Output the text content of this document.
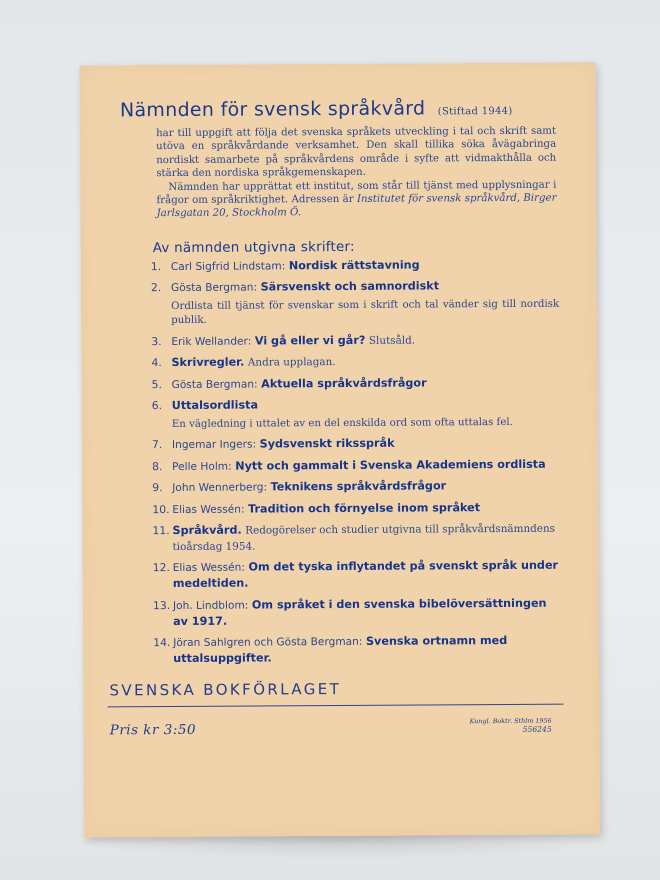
Nämnden för svensk språkvård (Stiftad 1944)

har till uppgift att följa det svenska språkets utveckling i tal och skrift samt utöva en språkvårdande verksamhet. Den skall tillika söka åvägabringa nordiskt samarbete på språkvårdens område i syfte att vidmakthålla och stärka den nordiska språkgemenskapen.

Nämnden har upprättat ett institut, som står till tjänst med upplysningar i frågor om språkriktighet. Adressen är Institutet för svensk språkvård, Birger Jarlsgatan 20, Stockholm Ö.

Av nämnden utgivna skrifter:
1. Carl Sigfrid Lindstam: Nordisk rättstavning
2. Gösta Bergman: Särsvenskt och samnordiskt
Ordlista till tjänst för svenskar som i skrift och tal vänder sig till nordisk publik.
3. Erik Wellander: Vi gå eller vi går? Slutsåld.
4. Skrivregler. Andra upplagan.
5. Gösta Bergman: Aktuella språkvårdsfrågor
6. Uttalsordlista
En vägledning i uttalet av en del enskilda ord som ofta uttalas fel.
7. Ingemar Ingers: Sydsvenskt riksspråk
8. Pelle Holm: Nytt och gammalt i Svenska Akademiens ordlista
9. John Wennerberg: Teknikens språkvårdsfrågor
10. Elias Wessén: Tradition och förnyelse inom språket
11. Språkvård. Redogörelser och studier utgivna till språkvårdsnämndens tioårsdag 1954.
12. Elias Wessén: Om det tyska inflytandet på svenskt språk under medeltiden.
13. Joh. Lindblom: Om språket i den svenska bibelöversättningen av 1917.
14. Jöran Sahlgren och Gösta Bergman: Svenska ortnamn med uttalsuppgifter.
SVENSKA BOKFÖRLAGET
Pris kr 3:50
Kungl. Boktr. Sthlm 1956
556245
